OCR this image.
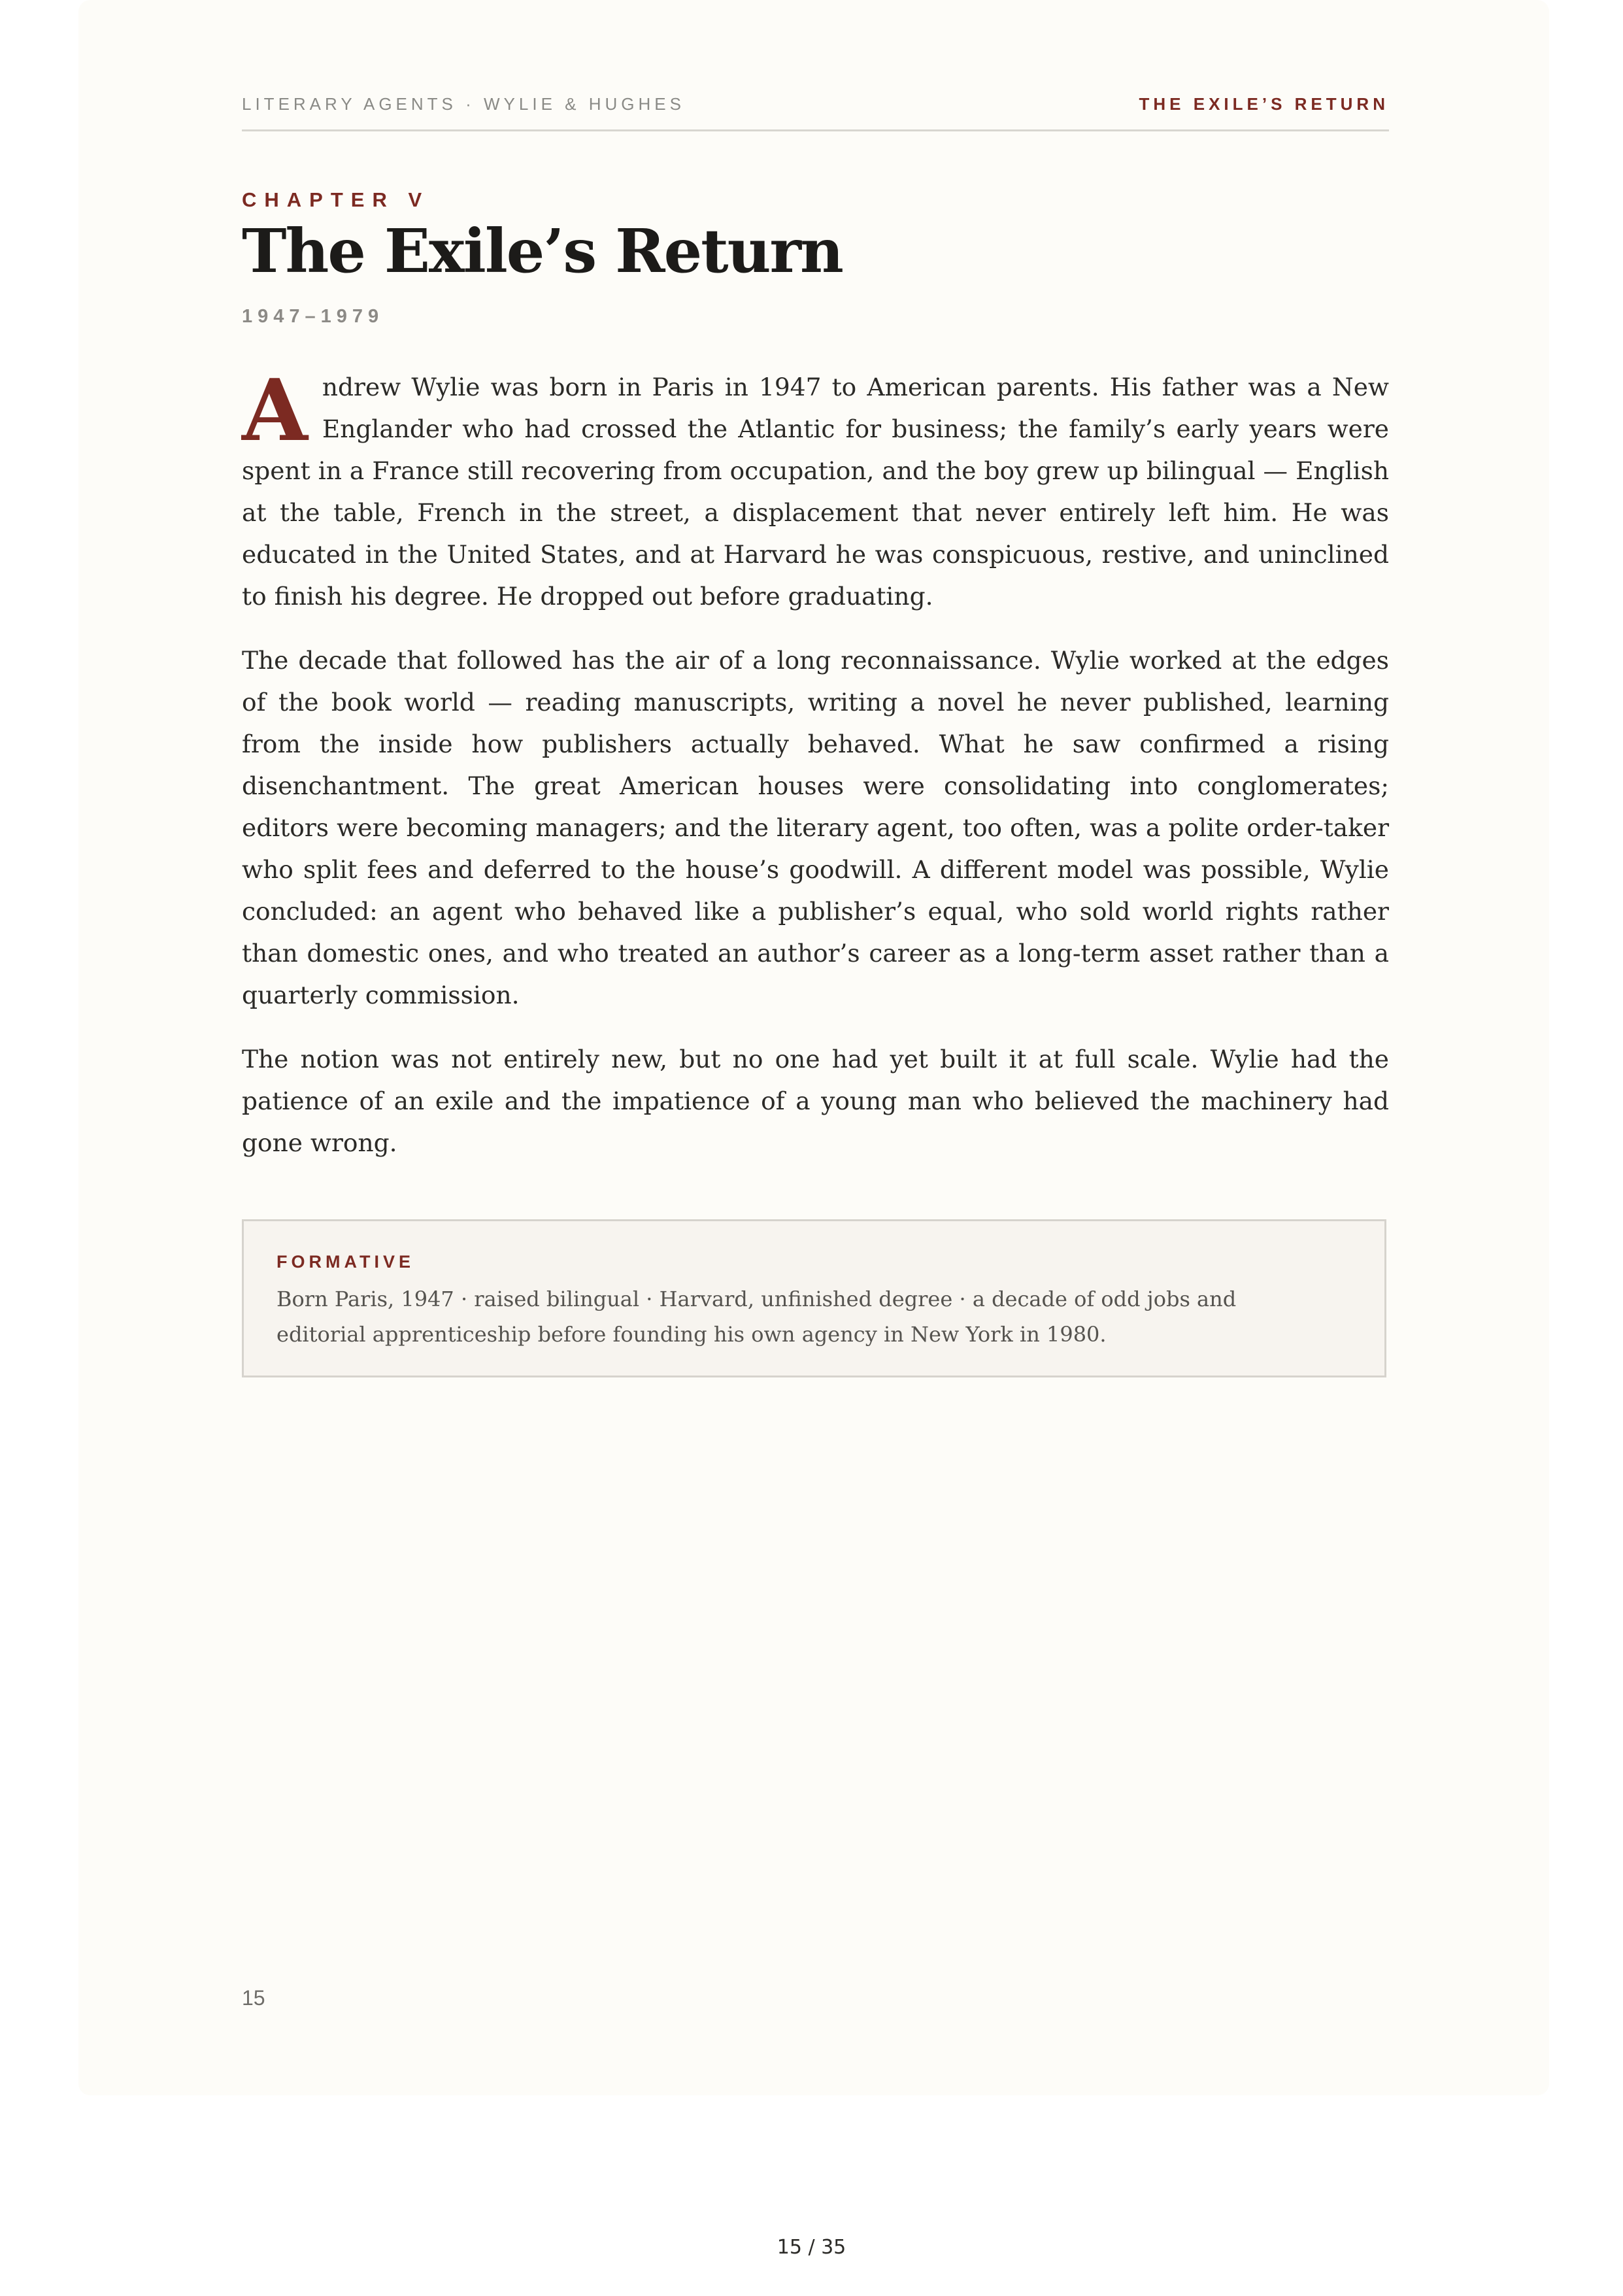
LITERARY AGENTS · WYLIE & HUGHES	THE EXILE’S RETURN
CHAPTER V
The Exile’s Return
1947–1979

Andrew Wylie was born in Paris in 1947 to American parents. His father was a New Englander who had crossed the Atlantic for business; the family’s early years were spent in a France still recovering from occupation, and the boy grew up bilingual — English at the table, French in the street, a displacement that never entirely left him. He was educated in the United States, and at Harvard he was conspicuous, restive, and uninclined to finish his degree. He dropped out before graduating.

The decade that followed has the air of a long reconnaissance. Wylie worked at the edges of the book world — reading manuscripts, writing a novel he never published, learning from the inside how publishers actually behaved. What he saw confirmed a rising disenchantment. The great American houses were consolidating into conglomerates; editors were becoming managers; and the literary agent, too often, was a polite order-taker who split fees and deferred to the house’s goodwill. A different model was possible, Wylie concluded: an agent who behaved like a publisher’s equal, who sold world rights rather than domestic ones, and who treated an author’s career as a long-term asset rather than a quarterly commission.

The notion was not entirely new, but no one had yet built it at full scale. Wylie had the patience of an exile and the impatience of a young man who believed the machinery had gone wrong.

FORMATIVE
Born Paris, 1947 · raised bilingual · Harvard, unfinished degree · a decade of odd jobs and editorial apprenticeship before founding his own agency in New York in 1980.
15
15 / 35
